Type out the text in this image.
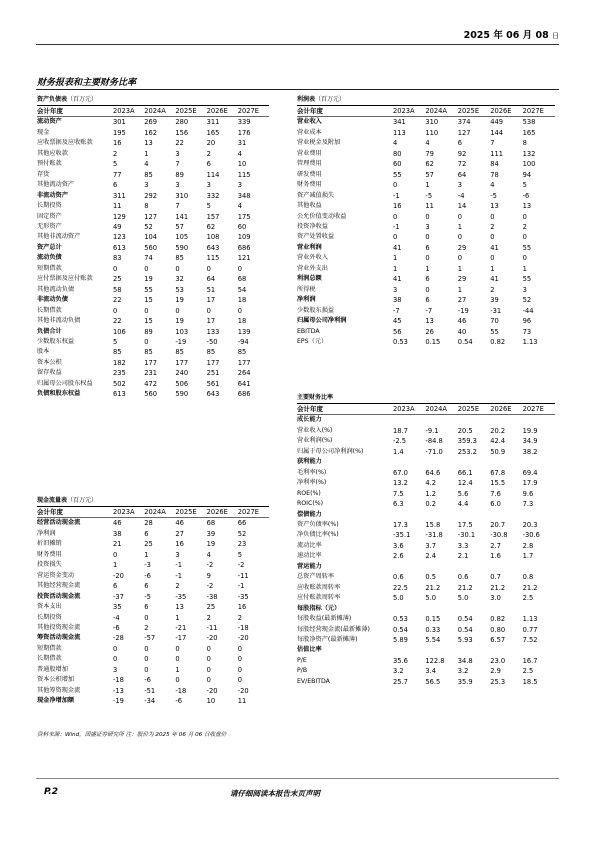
2025 年 06 月 08 日
财务报表和主要财务比率
资产负债表（百万元）
会计年度	2023A	2024A	2025E	2026E	2027E
流动资产	301	269	280	311	339
现金	195	162	156	165	176
应收票据及应收账款	16	13	22	20	31
其他应收款	2	1	3	2	4
预付账款	5	4	7	6	10
存货	77	85	89	114	115
其他流动资产	6	3	3	3	3
非流动资产	311	292	310	332	348
长期投资	11	8	7	5	4
固定资产	129	127	141	157	175
无形资产	49	52	57	62	60
其他非流动资产	123	104	105	108	109
资产总计	613	560	590	643	686
流动负债	83	74	85	115	121
短期借款	0	0	0	0	0
应付票据及应付账款	25	19	32	64	68
其他流动负债	58	55	53	51	54
非流动负债	22	15	19	17	18
长期借款	0	0	0	0	0
其他非流动负债	22	15	19	17	18
负债合计	106	89	103	133	139
少数股东权益	5	0	-19	-50	-94
股本	85	85	85	85	85
资本公积	182	177	177	177	177
留存收益	235	231	240	251	264
归属母公司股东权益	502	472	506	561	641
负债和股东权益	613	560	590	643	686
利润表（百万元）
会计年度	2023A	2024A	2025E	2026E	2027E
营业收入	341	310	374	449	538
营业成本	113	110	127	144	165
营业税金及附加	4	4	6	7	8
营业费用	80	79	92	111	132
管理费用	60	62	72	84	100
研发费用	55	57	64	78	94
财务费用	0	1	3	4	5
资产减值损失	-1	-5	-4	-5	-6
其他收益	16	11	14	13	13
公允价值变动收益	0	0	0	0	0
投资净收益	-1	3	1	2	2
资产处置收益	0	0	0	0	0
营业利润	41	6	29	41	55
营业外收入	1	0	0	0	0
营业外支出	1	1	1	1	1
利润总额	41	6	29	41	55
所得税	3	0	1	2	3
净利润	38	6	27	39	52
少数股东损益	-7	-7	-19	-31	-44
归属母公司净利润	45	13	46	70	96
EBITDA	56	26	40	55	73
EPS（元）	0.53	0.15	0.54	0.82	1.13
主要财务比率
会计年度	2023A	2024A	2025E	2026E	2027E
成长能力					
营业收入(%)	18.7	-9.1	20.5	20.2	19.9
营业利润(%)	-2.5	-84.8	359.3	42.4	34.9
归属于母公司净利润(%)	1.4	-71.0	253.2	50.9	38.2
获利能力					
毛利率(%)	67.0	64.6	66.1	67.8	69.4
净利率(%)	13.2	4.2	12.4	15.5	17.9
ROE(%)	7.5	1.2	5.6	7.6	9.6
ROIC(%)	6.3	0.2	4.4	6.0	7.3
偿债能力					
资产负债率(%)	17.3	15.8	17.5	20.7	20.3
净负债比率(%)	-35.1	-31.8	-30.1	-30.8	-30.6
流动比率	3.6	3.7	3.3	2.7	2.8
速动比率	2.6	2.4	2.1	1.6	1.7
营运能力					
总资产周转率	0.6	0.5	0.6	0.7	0.8
应收账款周转率	22.5	21.2	21.2	21.2	21.2
应付账款周转率	5.0	5.0	5.0	3.0	2.5
每股指标（元）					
每股收益(最新摊薄)	0.53	0.15	0.54	0.82	1.13
每股经营现金流(最新摊薄)	0.54	0.33	0.54	0.80	0.77
每股净资产(最新摊薄)	5.89	5.54	5.93	6.57	7.52
估值比率					
P/E	35.6	122.8	34.8	23.0	16.7
P/B	3.2	3.4	3.2	2.9	2.5
EV/EBITDA	25.7	56.5	35.9	25.3	18.5
现金流量表（百万元）
会计年度	2023A	2024A	2025E	2026E	2027E
经营活动现金流	46	28	46	68	66
净利润	38	6	27	39	52
折旧摊销	21	25	16	19	23
财务费用	0	1	3	4	5
投资损失	1	-3	-1	-2	-2
营运资金变动	-20	-6	-1	9	-11
其他经营现金流	6	6	2	-2	-1
投资活动现金流	-37	-5	-35	-38	-35
资本支出	35	6	13	25	16
长期投资	-4	0	1	2	2
其他投资现金流	-6	2	-21	-11	-18
筹资活动现金流	-28	-57	-17	-20	-20
短期借款	0	0	0	0	0
长期借款	0	0	0	0	0
普通股增加	3	0	1	0	0
资本公积增加	-18	-6	0	0	0
其他筹资现金流	-13	-51	-18	-20	-20
现金净增加额	-19	-34	-6	10	11
资料来源：Wind，国盛证券研究所 注：股价为 2025 年 06 月 06 日收盘价
P.2	请仔细阅读本报告末页声明
